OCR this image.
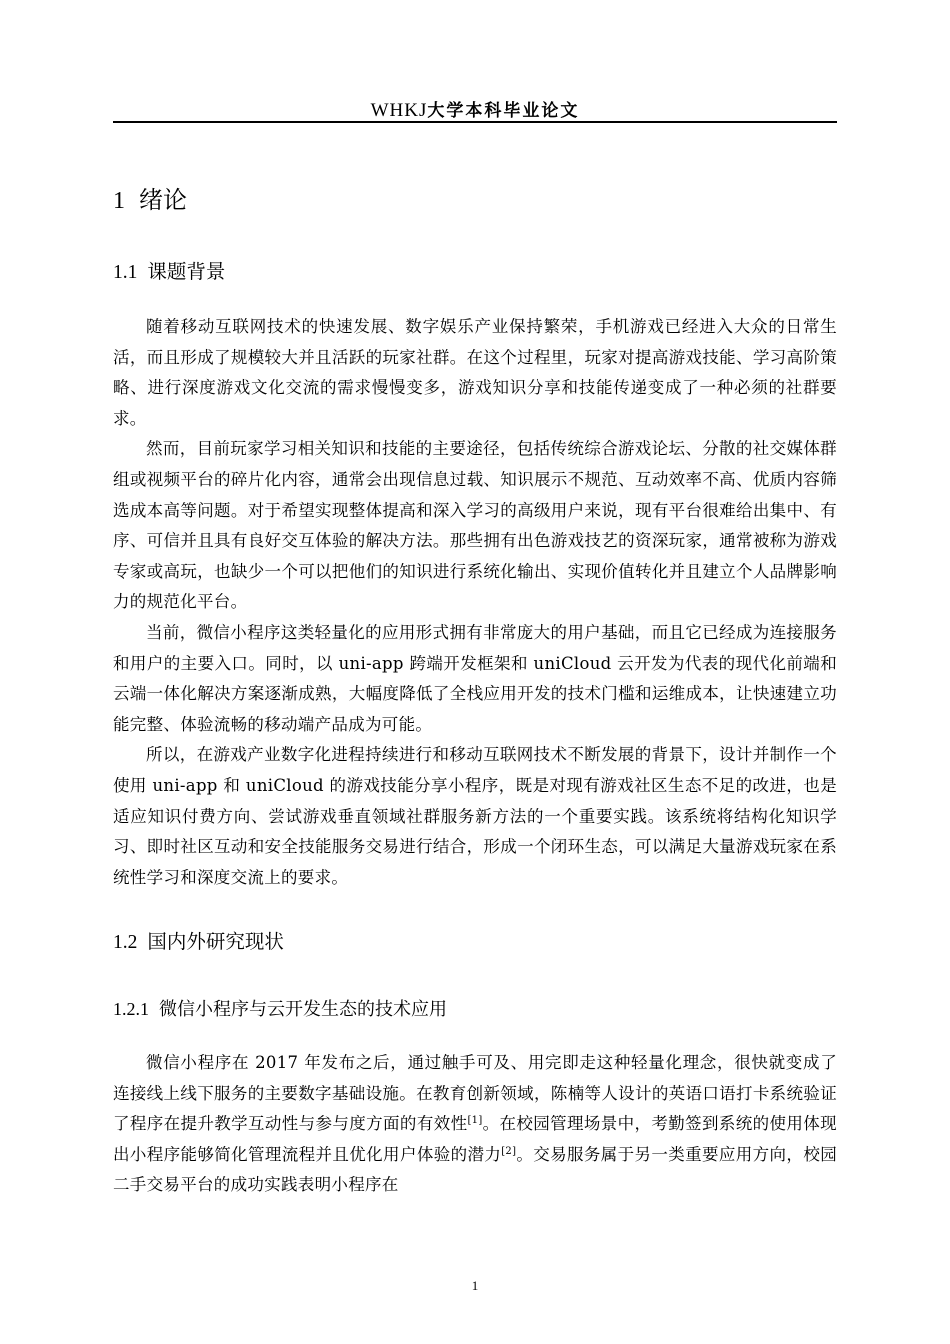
WHKJ大学本科毕业论文
1 绪论
1.1 课题背景

随着移动互联网技术的快速发展、数字娱乐产业保持繁荣，手机游戏已经进入大众的日常生活，而且形成了规模较大并且活跃的玩家社群。在这个过程里，玩家对提高游戏技能、学习高阶策略、进行深度游戏文化交流的需求慢慢变多，游戏知识分享和技能传递变成了一种必须的社群要求。

然而，目前玩家学习相关知识和技能的主要途径，包括传统综合游戏论坛、分散的社交媒体群组或视频平台的碎片化内容，通常会出现信息过载、知识展示不规范、互动效率不高、优质内容筛选成本高等问题。对于希望实现整体提高和深入学习的高级用户来说，现有平台很难给出集中、有序、可信并且具有良好交互体验的解决方法。那些拥有出色游戏技艺的资深玩家，通常被称为游戏专家或高玩，也缺少一个可以把他们的知识进行系统化输出、实现价值转化并且建立个人品牌影响力的规范化平台。

当前，微信小程序这类轻量化的应用形式拥有非常庞大的用户基础，而且它已经成为连接服务和用户的主要入口。同时，以 uni-app 跨端开发框架和 uniCloud 云开发为代表的现代化前端和云端一体化解决方案逐渐成熟，大幅度降低了全栈应用开发的技术门槛和运维成本，让快速建立功能完整、体验流畅的移动端产品成为可能。

所以，在游戏产业数字化进程持续进行和移动互联网技术不断发展的背景下，设计并制作一个使用 uni-app 和 uniCloud 的游戏技能分享小程序，既是对现有游戏社区生态不足的改进，也是适应知识付费方向、尝试游戏垂直领域社群服务新方法的一个重要实践。该系统将结构化知识学习、即时社区互动和安全技能服务交易进行结合，形成一个闭环生态，可以满足大量游戏玩家在系统性学习和深度交流上的要求。

1.2 国内外研究现状
1.2.1 微信小程序与云开发生态的技术应用

微信小程序在 2017 年发布之后，通过触手可及、用完即走这种轻量化理念，很快就变成了连接线上线下服务的主要数字基础设施。在教育创新领域，陈楠等人设计的英语口语打卡系统验证了程序在提升教学互动性与参与度方面的有效性[1]。在校园管理场景中，考勤签到系统的使用体现出小程序能够简化管理流程并且优化用户体验的潜力[2]。交易服务属于另一类重要应用方向，校园二手交易平台的成功实践表明小程序在

1
